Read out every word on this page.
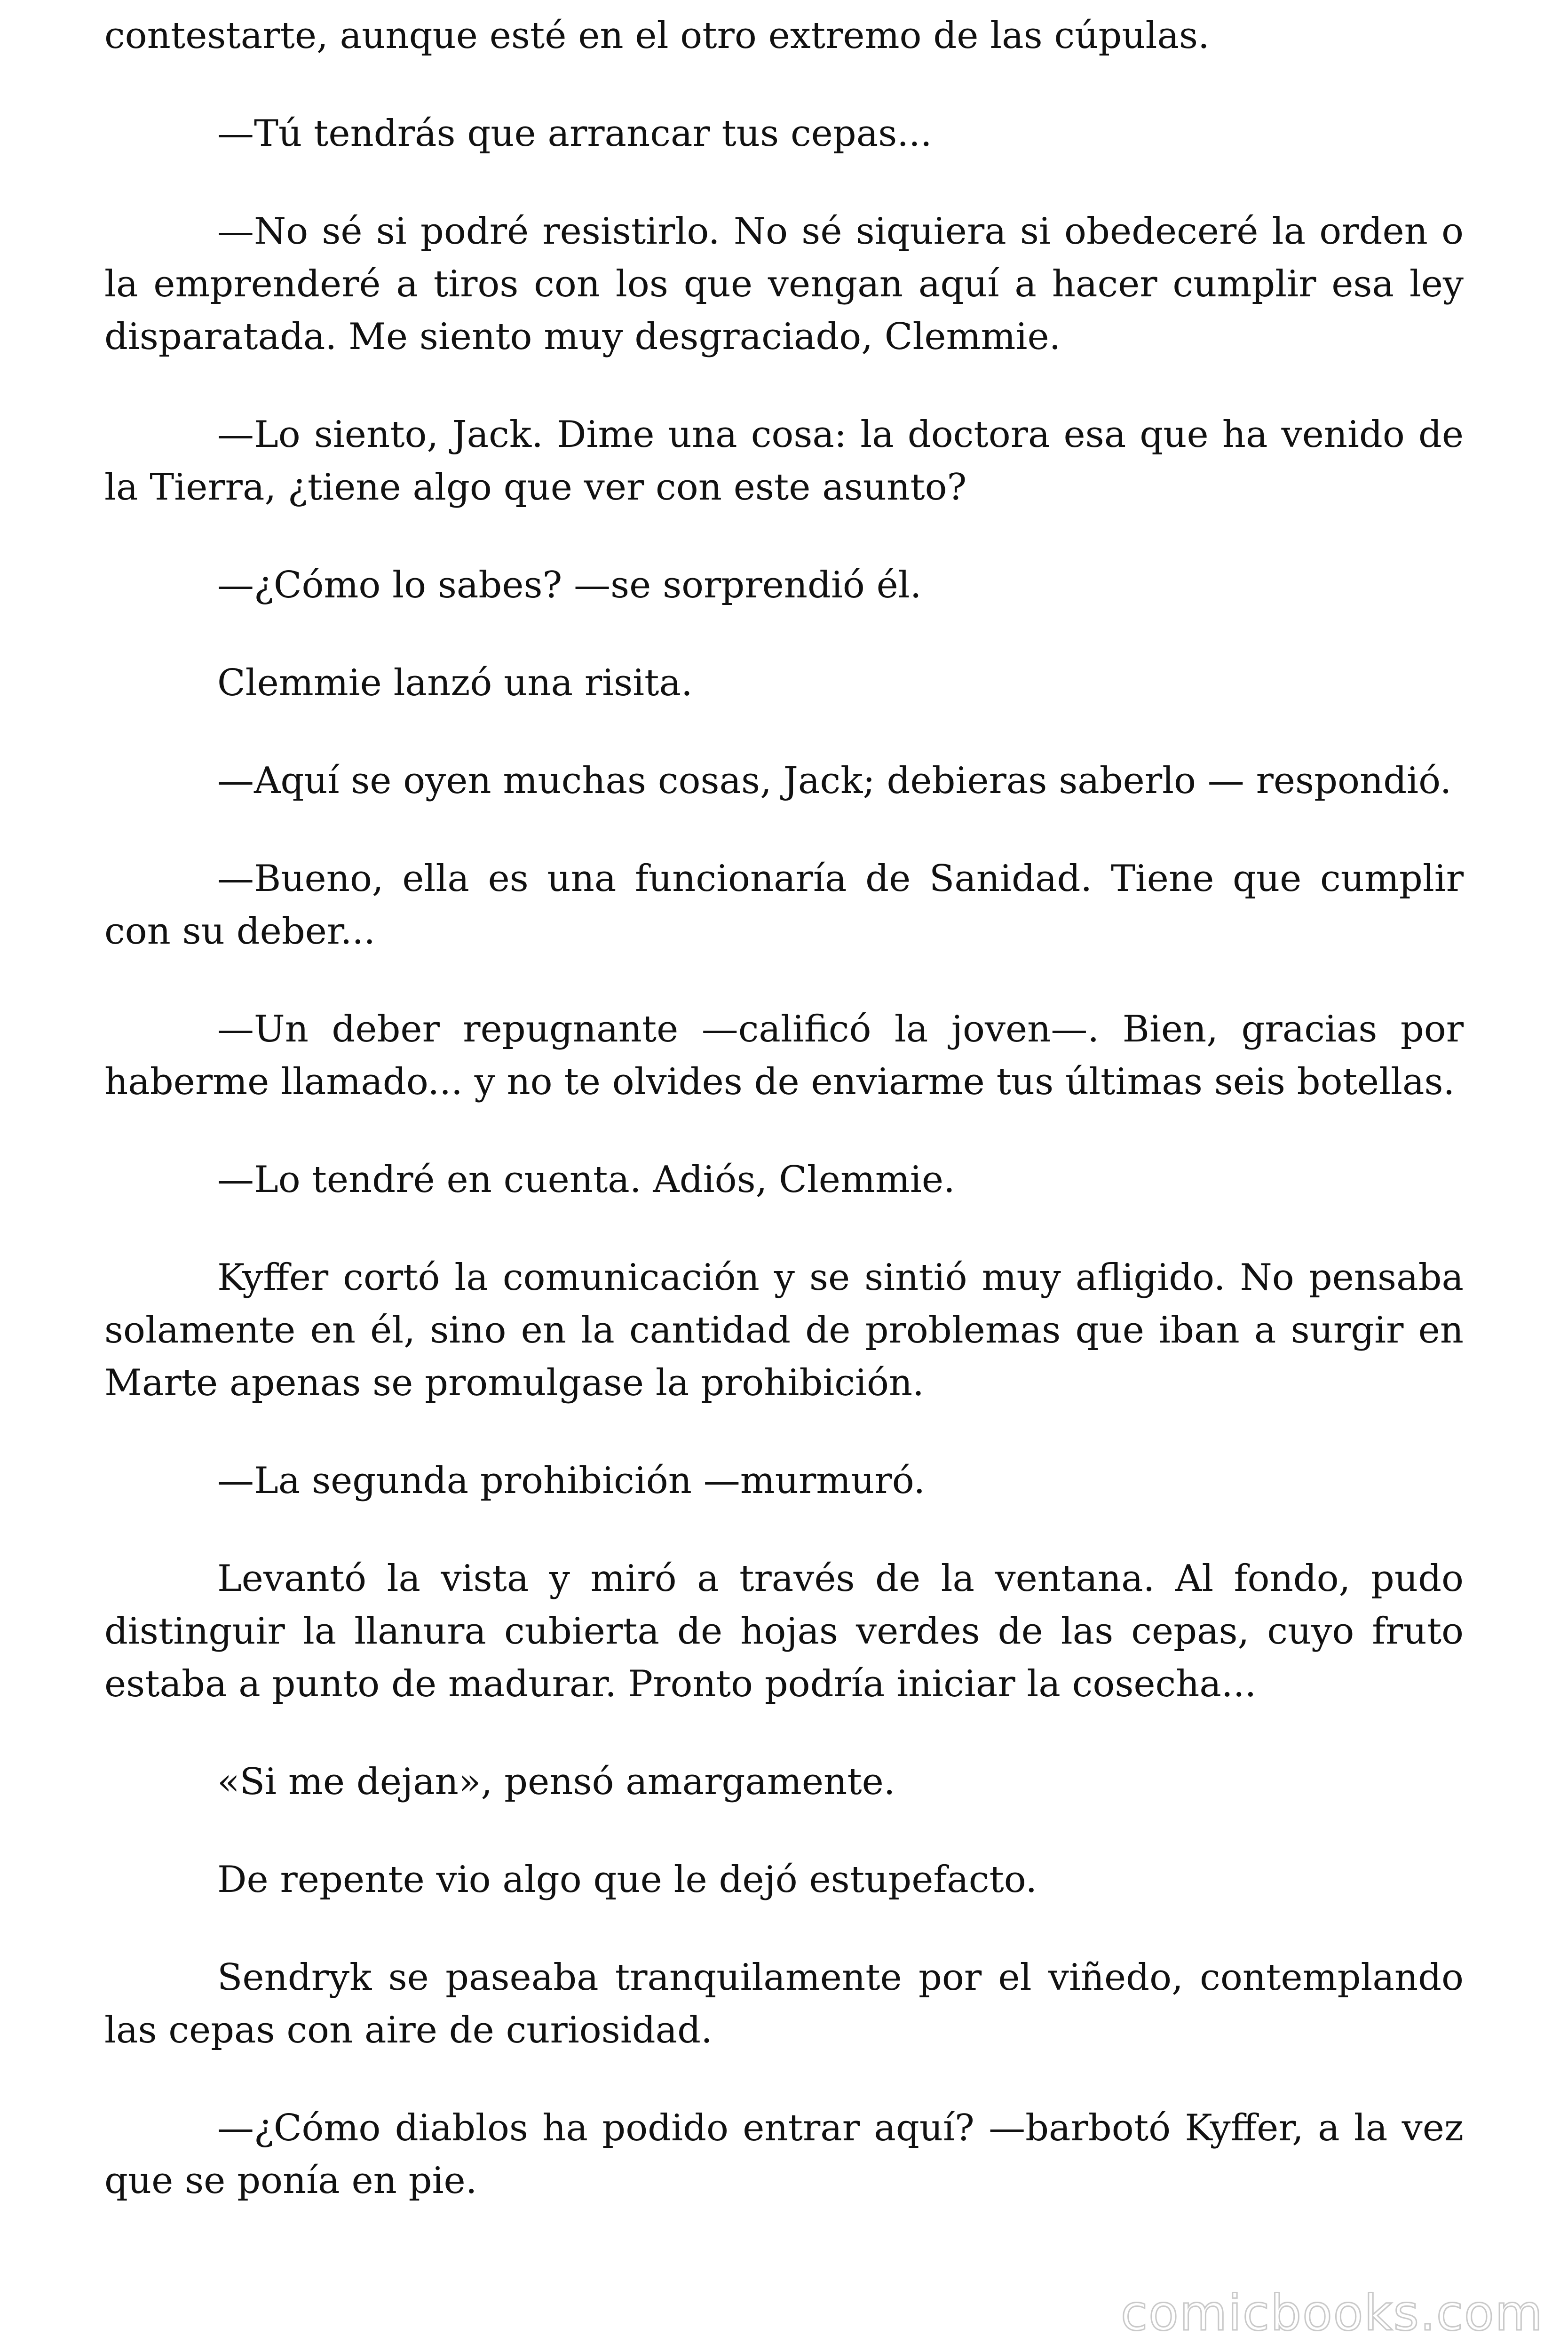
contestarte, aunque esté en el otro extremo de las cúpulas.

—Tú tendrás que arrancar tus cepas...

—No sé si podré resistirlo. No sé siquiera si obedeceré la orden o la emprenderé a tiros con los que vengan aquí a hacer cumplir esa ley disparatada. Me siento muy desgraciado, Clemmie.

—Lo siento, Jack. Dime una cosa: la doctora esa que ha venido de la Tierra, ¿tiene algo que ver con este asunto?

—¿Cómo lo sabes? —se sorprendió él.

Clemmie lanzó una risita.

—Aquí se oyen muchas cosas, Jack; debieras saberlo — respondió.

—Bueno, ella es una funcionaría de Sanidad. Tiene que cumplir con su deber...

—Un deber repugnante —calificó la joven—. Bien, gracias por haberme llamado... y no te olvides de enviarme tus últimas seis botellas.

—Lo tendré en cuenta. Adiós, Clemmie.

Kyffer cortó la comunicación y se sintió muy afligido. No pensaba solamente en él, sino en la cantidad de problemas que iban a surgir en Marte apenas se promulgase la prohibición.

—La segunda prohibición —murmuró.

Levantó la vista y miró a través de la ventana. Al fondo, pudo distinguir la llanura cubierta de hojas verdes de las cepas, cuyo fruto estaba a punto de madurar. Pronto podría iniciar la cosecha...

«Si me dejan», pensó amargamente.

De repente vio algo que le dejó estupefacto.

Sendryk se paseaba tranquilamente por el viñedo, contemplando las cepas con aire de curiosidad.

—¿Cómo diablos ha podido entrar aquí? —barbotó Kyffer, a la vez que se ponía en pie.

comicbooks.com
